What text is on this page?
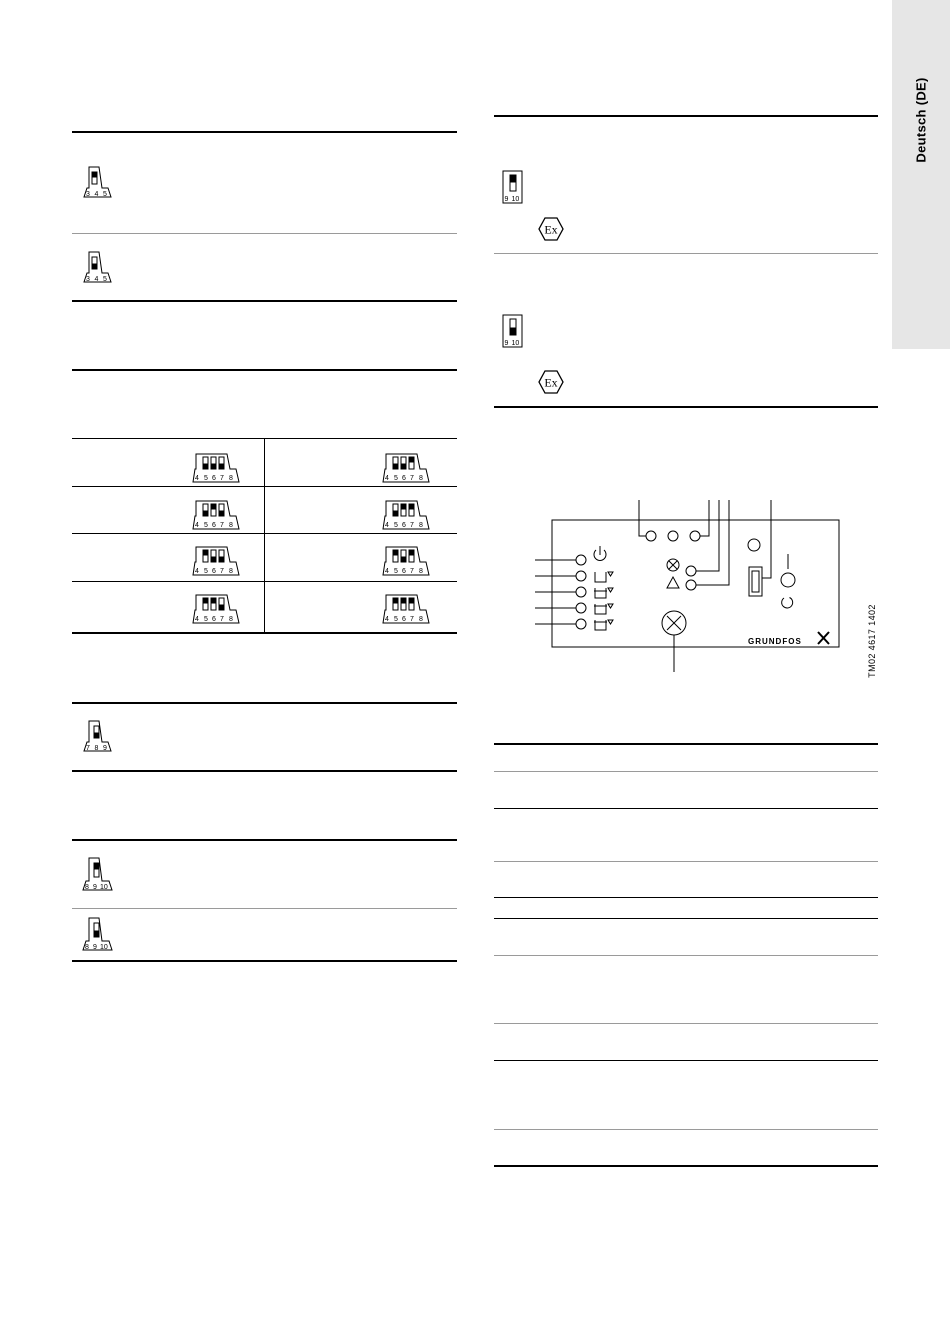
Deutsch (DE)
3 4 5
3 4 5
4 5 6 7 8	4 5 6 7 8
4 5 6 7 8	4 5 6 7 8
4 5 6 7 8	4 5 6 7 8
4 5 6 7 8	4 5 6 7 8
7 8 9
8 9 10
8 9 10
9 10
Ex
9 10
Ex
GRUNDFOS	TM02 4617 1402
